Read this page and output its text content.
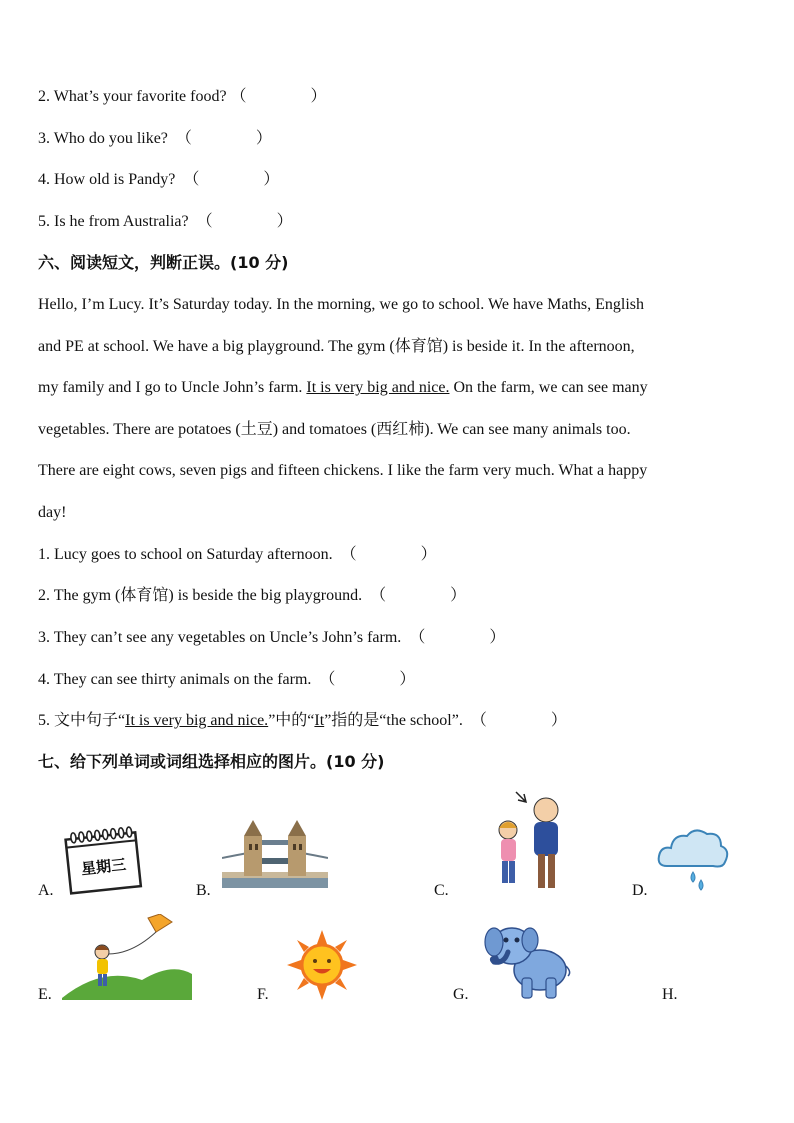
2. What’s your favorite food? （　　　　）
3. Who do you like? （　　　　）
4. How old is Pandy? （　　　　）
5. Is he from Australia? （　　　　）
六、阅读短文，判断正误。(10 分)
Hello, I’m Lucy. It’s Saturday today. In the morning, we go to school. We have Maths, English
and PE at school. We have a big playground. The gym (体育馆) is beside it. In the afternoon,
my family and I go to Uncle John’s farm. It is very big and nice. On the farm, we can see many
vegetables. There are potatoes (土豆) and tomatoes (西红柿). We can see many animals too.
There are eight cows, seven pigs and fifteen chickens. I like the farm very much. What a happy
day!
1. Lucy goes to school on Saturday afternoon. （　　　　）
2. The gym (体育馆) is beside the big playground. （　　　　）
3. They can’t see any vegetables on Uncle’s John’s farm. （　　　　）
4. They can see thirty animals on the farm. （　　　　）
5. 文中句子“It is very big and nice.”中的“It”指的是“the school”. （　　　　）
七、给下列单词或词组选择相应的图片。(10 分)
A.	B.	C.	D.
E.	F.	G.	H.
星期三
